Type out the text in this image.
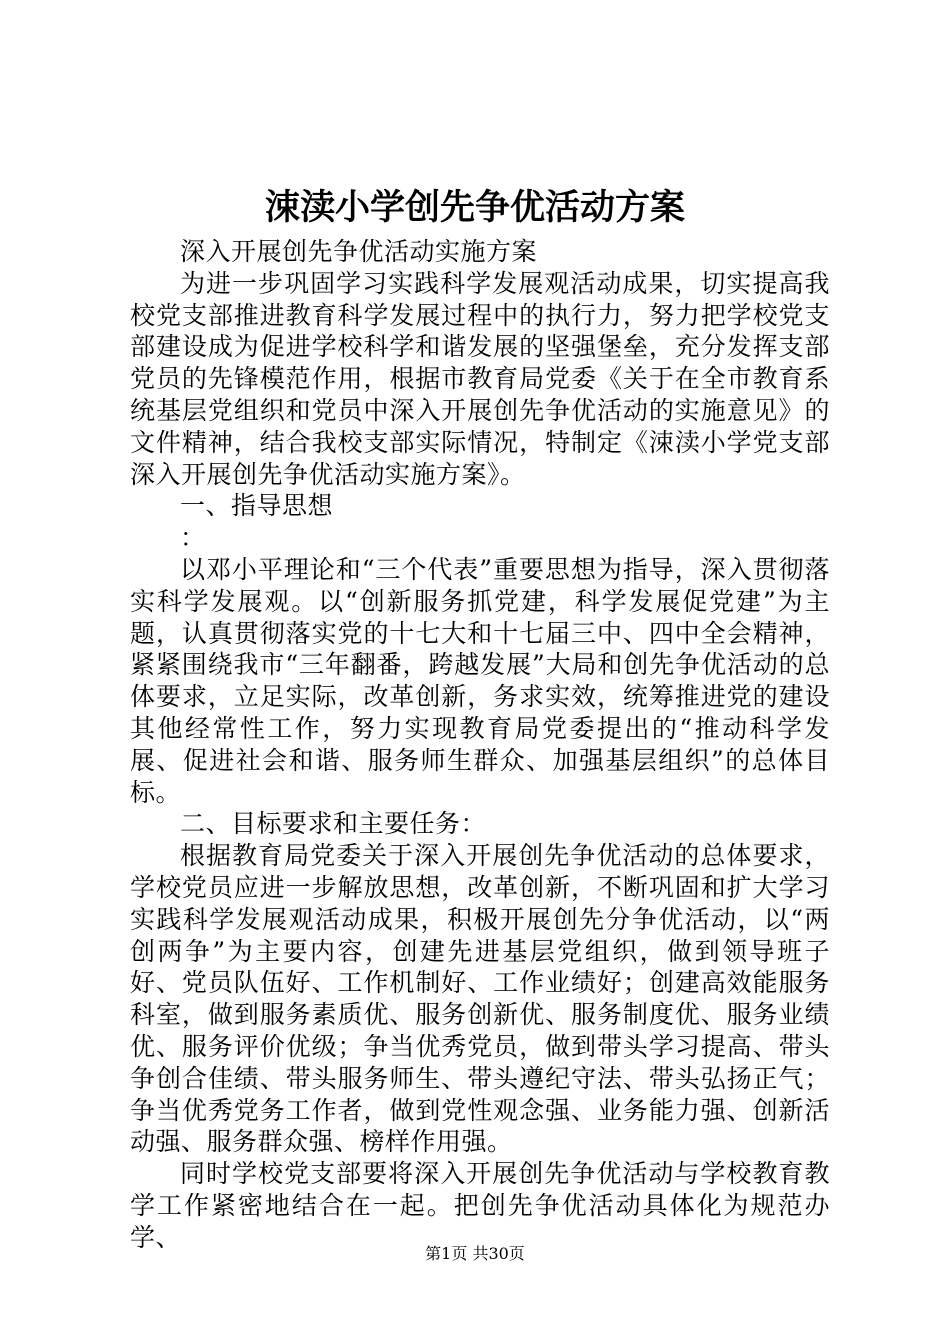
涑渎小学创先争优活动方案

深入开展创先争优活动实施方案

为进一步巩固学习实践科学发展观活动成果，切实提高我校党支部推进教育科学发展过程中的执行力，努力把学校党支部建设成为促进学校科学和谐发展的坚强堡垒，充分发挥支部党员的先锋模范作用，根据市教育局党委《关于在全市教育系统基层党组织和党员中深入开展创先争优活动的实施意见》的文件精神，结合我校支部实际情况，特制定《涑渎小学党支部深入开展创先争优活动实施方案》。

一、指导思想

：

以邓小平理论和“三个代表”重要思想为指导，深入贯彻落实科学发展观。以“创新服务抓党建，科学发展促党建”为主题，认真贯彻落实党的十七大和十七届三中、四中全会精神，紧紧围绕我市“三年翻番，跨越发展”大局和创先争优活动的总体要求，立足实际，改革创新，务求实效，统筹推进党的建设其他经常性工作，努力实现教育局党委提出的“推动科学发展、促进社会和谐、服务师生群众、加强基层组织”的总体目标。

二、目标要求和主要任务：

根据教育局党委关于深入开展创先争优活动的总体要求，学校党员应进一步解放思想，改革创新，不断巩固和扩大学习实践科学发展观活动成果，积极开展创先分争优活动，以“两创两争”为主要内容，创建先进基层党组织，做到领导班子好、党员队伍好、工作机制好、工作业绩好；创建高效能服务科室，做到服务素质优、服务创新优、服务制度优、服务业绩优、服务评价优级；争当优秀党员，做到带头学习提高、带头争创合佳绩、带头服务师生、带头遵纪守法、带头弘扬正气；争当优秀党务工作者，做到党性观念强、业务能力强、创新活动强、服务群众强、榜样作用强。

同时学校党支部要将深入开展创先争优活动与学校教育教学工作紧密地结合在一起。把创先争优活动具体化为规范办学、

第1页 共30页
